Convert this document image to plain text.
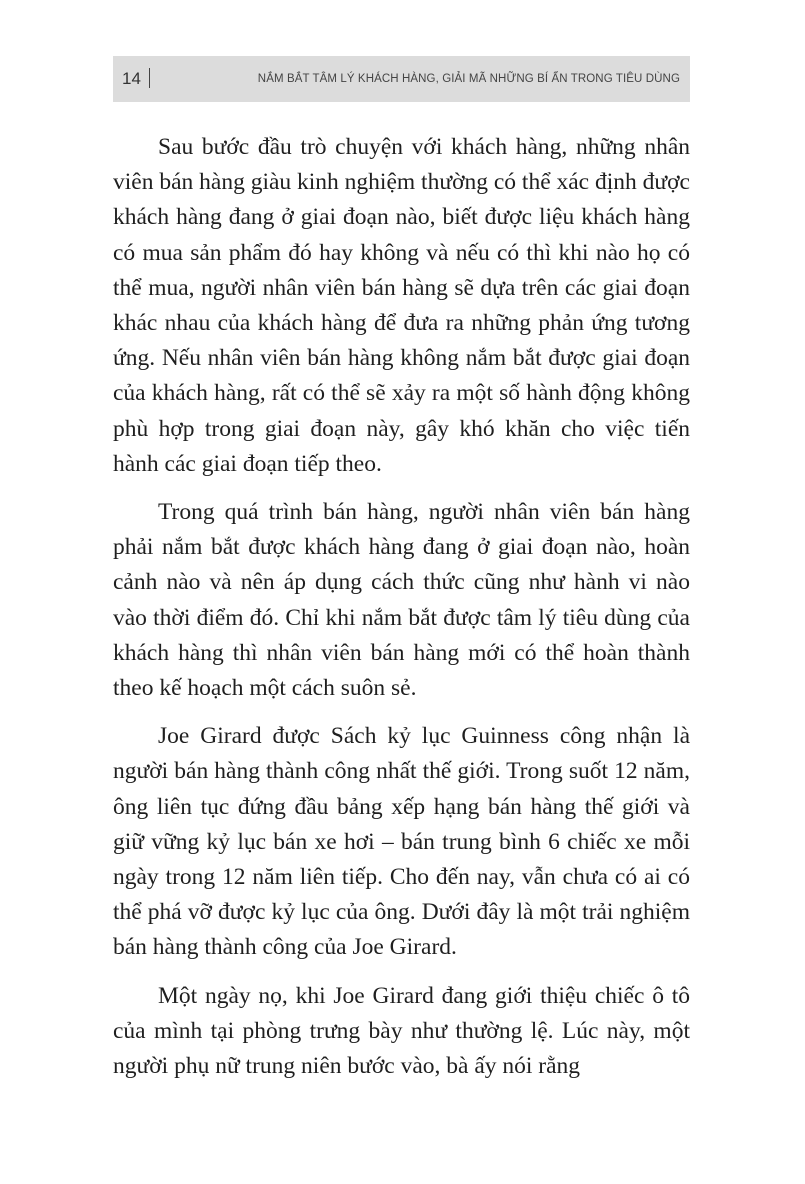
14	NẮM BẮT TÂM LÝ KHÁCH HÀNG, GIẢI MÃ NHỮNG BÍ ẨN TRONG TIÊU DÙNG

Sau bước đầu trò chuyện với khách hàng, những nhân viên bán hàng giàu kinh nghiệm thường có thể xác định được khách hàng đang ở giai đoạn nào, biết được liệu khách hàng có mua sản phẩm đó hay không và nếu có thì khi nào họ có thể mua, người nhân viên bán hàng sẽ dựa trên các giai đoạn khác nhau của khách hàng để đưa ra những phản ứng tương ứng. Nếu nhân viên bán hàng không nắm bắt được giai đoạn của khách hàng, rất có thể sẽ xảy ra một số hành động không phù hợp trong giai đoạn này, gây khó khăn cho việc tiến hành các giai đoạn tiếp theo.

Trong quá trình bán hàng, người nhân viên bán hàng phải nắm bắt được khách hàng đang ở giai đoạn nào, hoàn cảnh nào và nên áp dụng cách thức cũng như hành vi nào vào thời điểm đó. Chỉ khi nắm bắt được tâm lý tiêu dùng của khách hàng thì nhân viên bán hàng mới có thể hoàn thành theo kế hoạch một cách suôn sẻ.

Joe Girard được Sách kỷ lục Guinness công nhận là người bán hàng thành công nhất thế giới. Trong suốt 12 năm, ông liên tục đứng đầu bảng xếp hạng bán hàng thế giới và giữ vững kỷ lục bán xe hơi – bán trung bình 6 chiếc xe mỗi ngày trong 12 năm liên tiếp. Cho đến nay, vẫn chưa có ai có thể phá vỡ được kỷ lục của ông. Dưới đây là một trải nghiệm bán hàng thành công của Joe Girard.

Một ngày nọ, khi Joe Girard đang giới thiệu chiếc ô tô của mình tại phòng trưng bày như thường lệ. Lúc này, một người phụ nữ trung niên bước vào, bà ấy nói rằng
